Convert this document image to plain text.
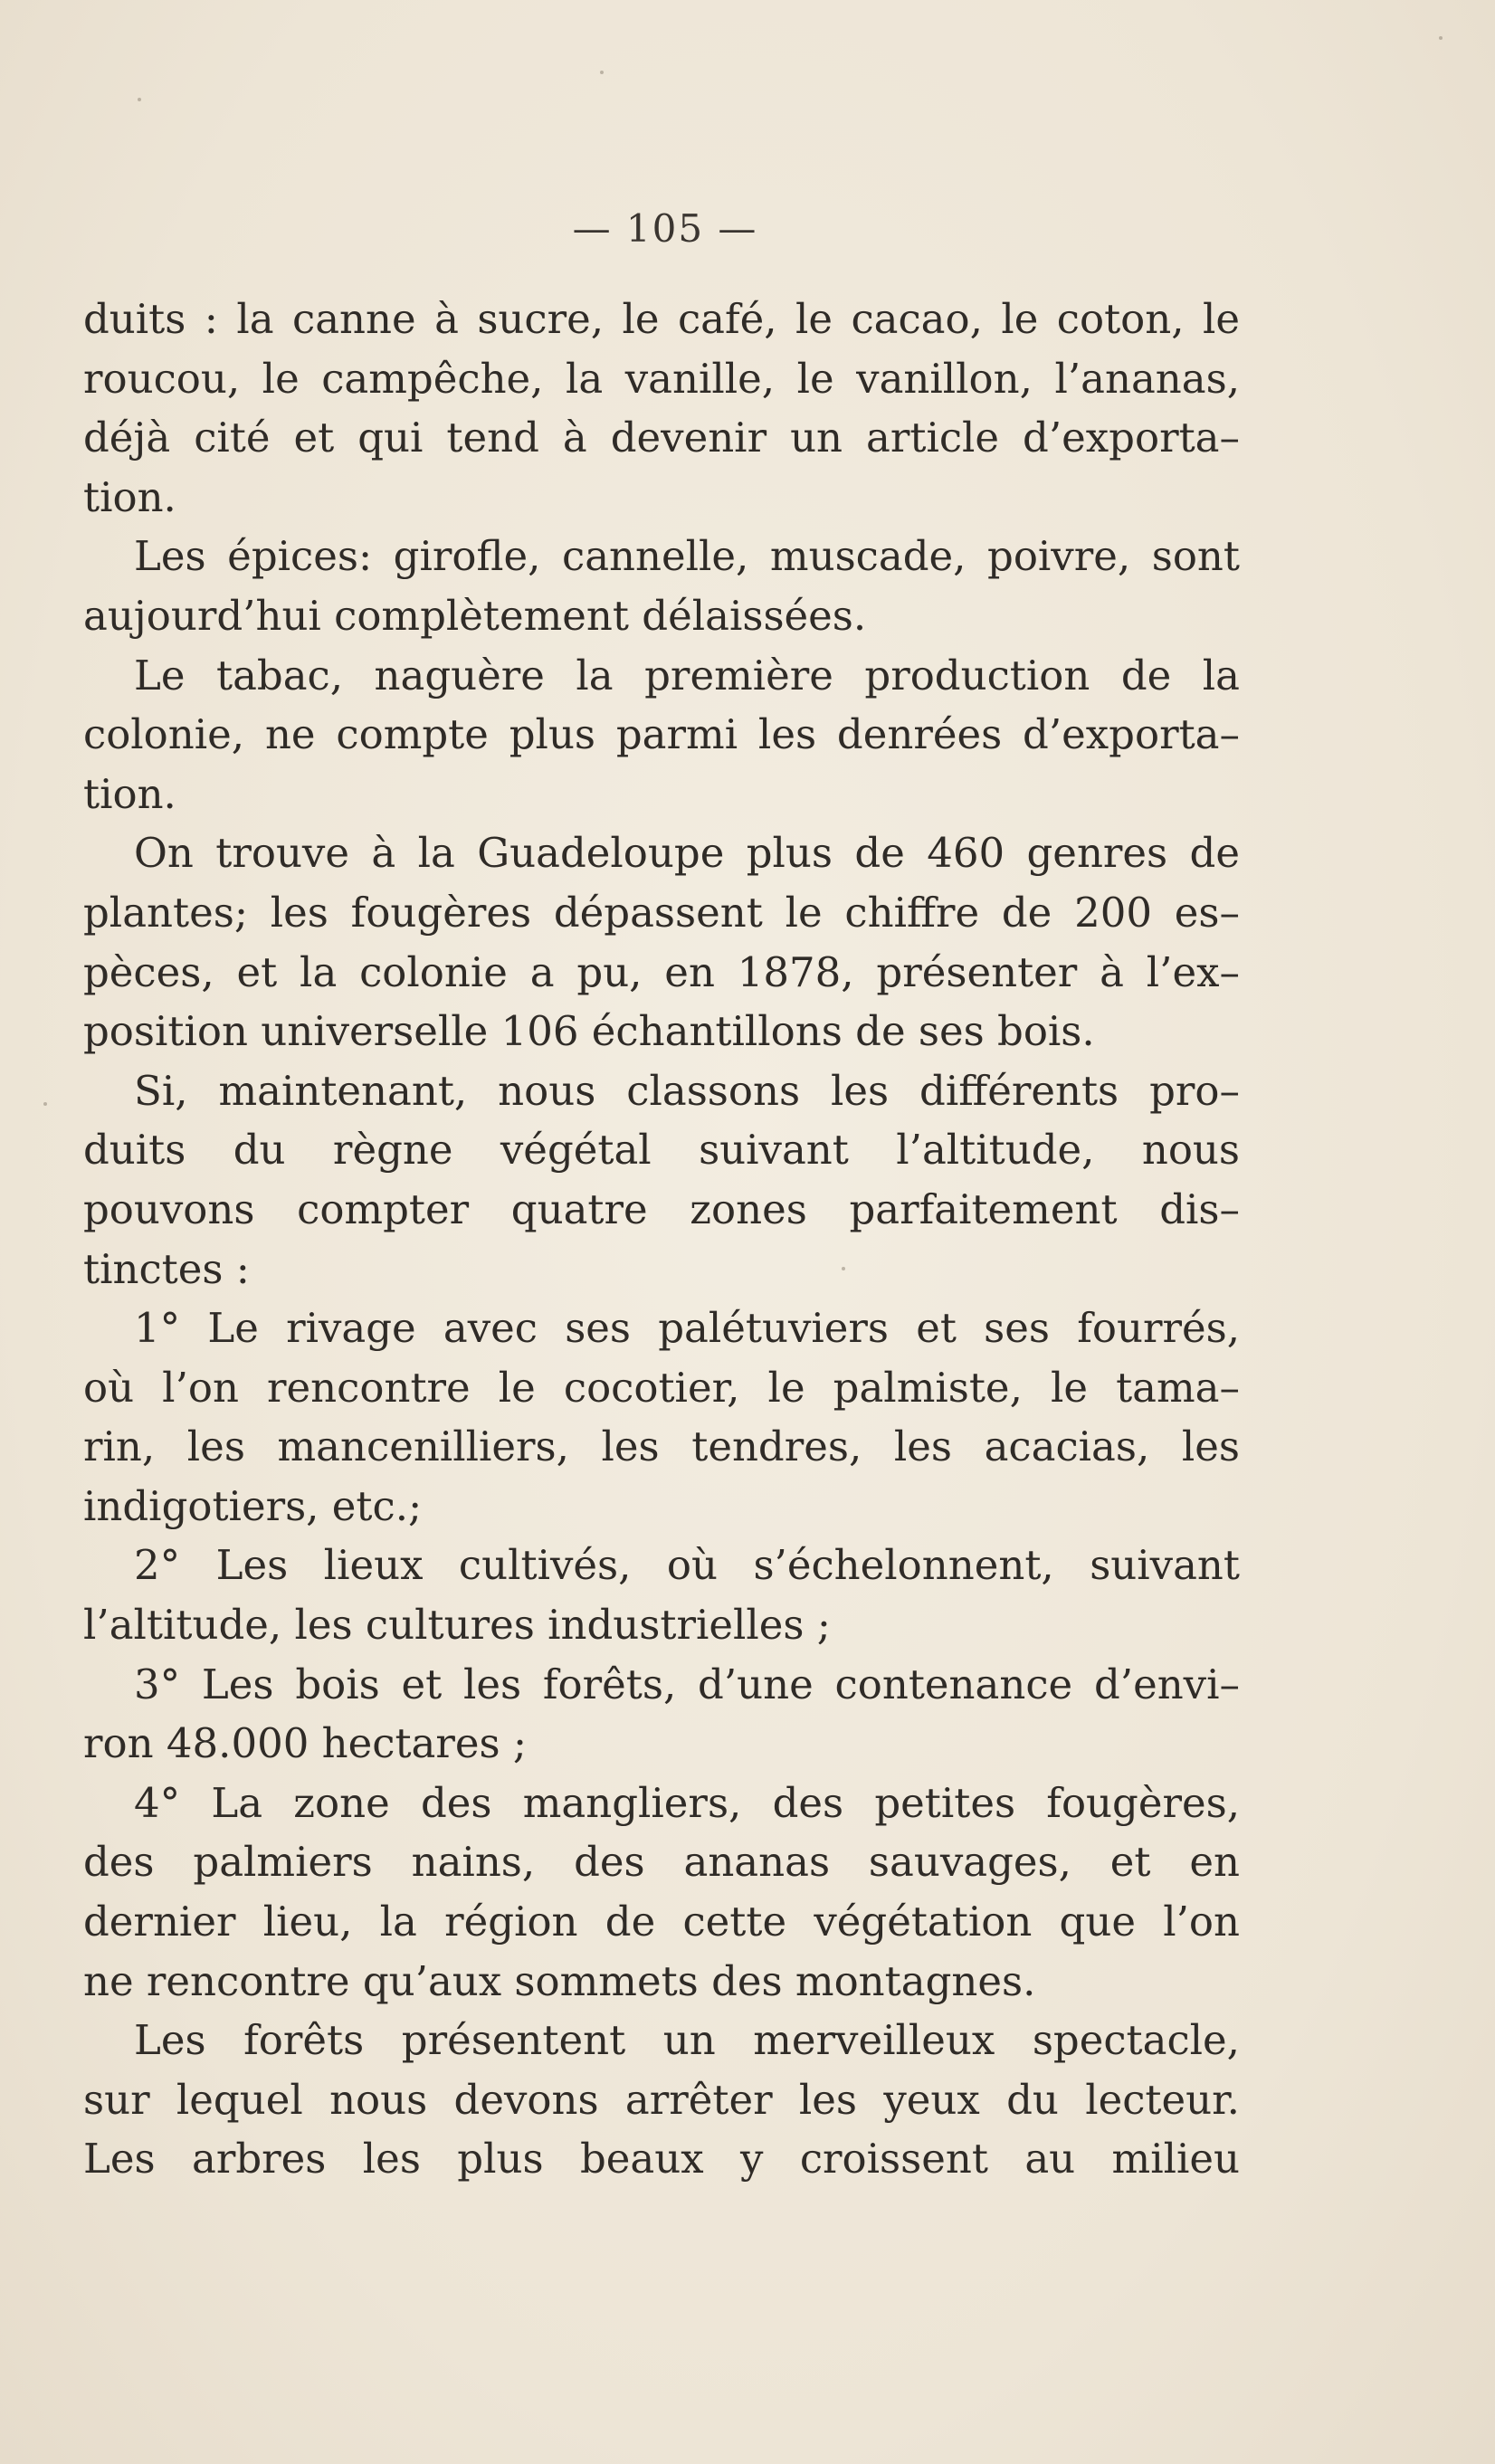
— 105 —
duits : la canne à sucre, le café, le cacao, le coton, le
roucou, le campêche, la vanille, le vanillon, l’ananas,
déjà cité et qui tend à devenir un article d’exporta–
tion.
Les épices: girofle, cannelle, muscade, poivre, sont
aujourd’hui complètement délaissées.
Le tabac, naguère la première production de la
colonie, ne compte plus parmi les denrées d’exporta–
tion.
On trouve à la Guadeloupe plus de 460 genres de
plantes; les fougères dépassent le chiffre de 200 es–
pèces, et la colonie a pu, en 1878, présenter à l’ex–
position universelle 106 échantillons de ses bois.
Si, maintenant, nous classons les différents pro–
duits du règne végétal suivant l’altitude, nous
pouvons compter quatre zones parfaitement dis–
tinctes :
1° Le rivage avec ses palétuviers et ses fourrés,
où l’on rencontre le cocotier, le palmiste, le tama–
rin, les mancenilliers, les tendres, les acacias, les
indigotiers, etc.;
2° Les lieux cultivés, où s’échelonnent, suivant
l’altitude, les cultures industrielles ;
3° Les bois et les forêts, d’une contenance d’envi–
ron 48.000 hectares ;
4° La zone des mangliers, des petites fougères,
des palmiers nains, des ananas sauvages, et en
dernier lieu, la région de cette végétation que l’on
ne rencontre qu’aux sommets des montagnes.
Les forêts présentent un merveilleux spectacle,
sur lequel nous devons arrêter les yeux du lecteur.
Les arbres les plus beaux y croissent au milieu
